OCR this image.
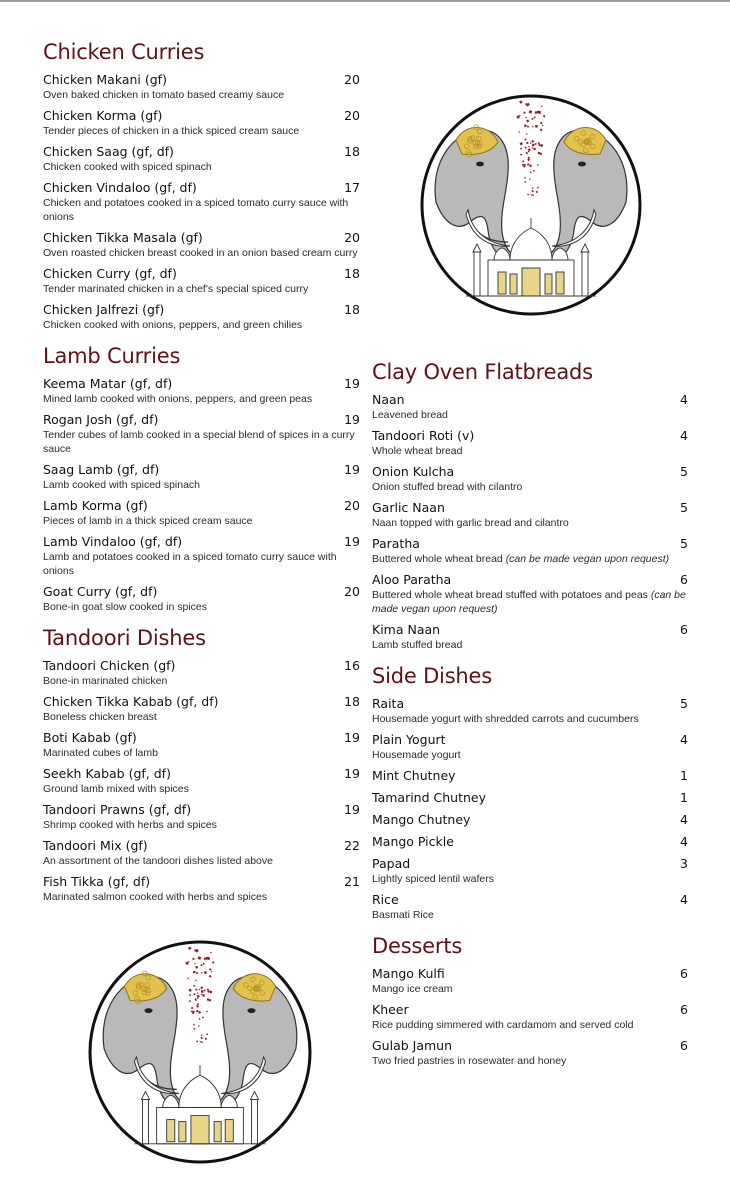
Chicken Curries
Chicken Makani (gf)	20
Oven baked chicken in tomato based creamy sauce
Chicken Korma (gf)	20
Tender pieces of chicken in a thick spiced cream sauce
Chicken Saag (gf, df)	18
Chicken cooked with spiced spinach
Chicken Vindaloo (gf, df)	17
Chicken and potatoes cooked in a spiced tomato curry sauce with onions
Chicken Tikka Masala (gf)	20
Oven roasted chicken breast cooked in an onion based cream curry
Chicken Curry (gf, df)	18
Tender marinated chicken in a chef's special spiced curry
Chicken Jalfrezi (gf)	18
Chicken cooked with onions, peppers, and green chilies
Lamb Curries
Keema Matar (gf, df)	19
Mined lamb cooked with onions, peppers, and green peas
Rogan Josh (gf, df)	19
Tender cubes of lamb cooked in a special blend of spices in a curry sauce
Saag Lamb (gf, df)	19
Lamb cooked with spiced spinach
Lamb Korma (gf)	20
Pieces of lamb in a thick spiced cream sauce
Lamb Vindaloo (gf, df)	19
Lamb and potatoes cooked in a spiced tomato curry sauce with onions
Goat Curry (gf, df)	20
Bone-in goat slow cooked in spices
Tandoori Dishes
Tandoori Chicken (gf)	16
Bone-in marinated chicken
Chicken Tikka Kabab (gf, df)	18
Boneless chicken breast
Boti Kabab (gf)	19
Marinated cubes of lamb
Seekh Kabab (gf, df)	19
Ground lamb mixed with spices
Tandoori Prawns (gf, df)	19
Shrimp cooked with herbs and spices
Tandoori Mix (gf)	22
An assortment of the tandoori dishes listed above
Fish Tikka (gf, df)	21
Marinated salmon cooked with herbs and spices
Clay Oven Flatbreads
Naan	4
Leavened bread
Tandoori Roti (v)	4
Whole wheat bread
Onion Kulcha	5
Onion stuffed bread with cilantro
Garlic Naan	5
Naan topped with garlic bread and cilantro
Paratha	5
Buttered whole wheat bread (can be made vegan upon request)
Aloo Paratha	6
Buttered whole wheat bread stuffed with potatoes and peas (can be made vegan upon request)
Kima Naan	6
Lamb stuffed bread
Side Dishes
Raita	5
Housemade yogurt with shredded carrots and cucumbers
Plain Yogurt	4
Housemade yogurt
Mint Chutney	1
Tamarind Chutney	1
Mango Chutney	4
Mango Pickle	4
Papad	3
Lightly spiced lentil wafers
Rice	4
Basmati Rice
Desserts
Mango Kulfi	6
Mango ice cream
Kheer	6
Rice pudding simmered with cardamom and served cold
Gulab Jamun	6
Two fried pastries in rosewater and honey
